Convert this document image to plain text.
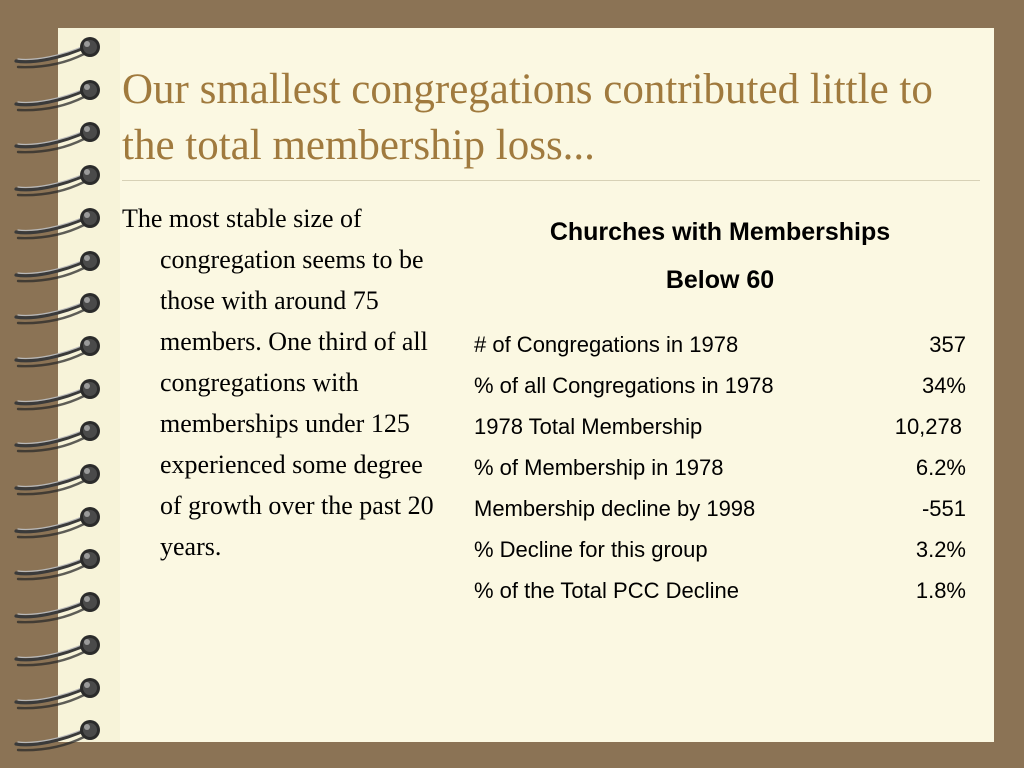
Our smallest congregations contributed little to the total membership loss...
The most stable size of congregation seems to be those with around 75 members. One third of all congregations with memberships under 125 experienced some degree of growth over the past 20 years.
Churches with Memberships
Below 60
# of Congregations in 1978	357
% of all Congregations in 1978	34%
1978 Total Membership	10,278
% of Membership in 1978	6.2%
Membership decline by 1998	-551
% Decline for this group	3.2%
% of the Total PCC Decline	1.8%
